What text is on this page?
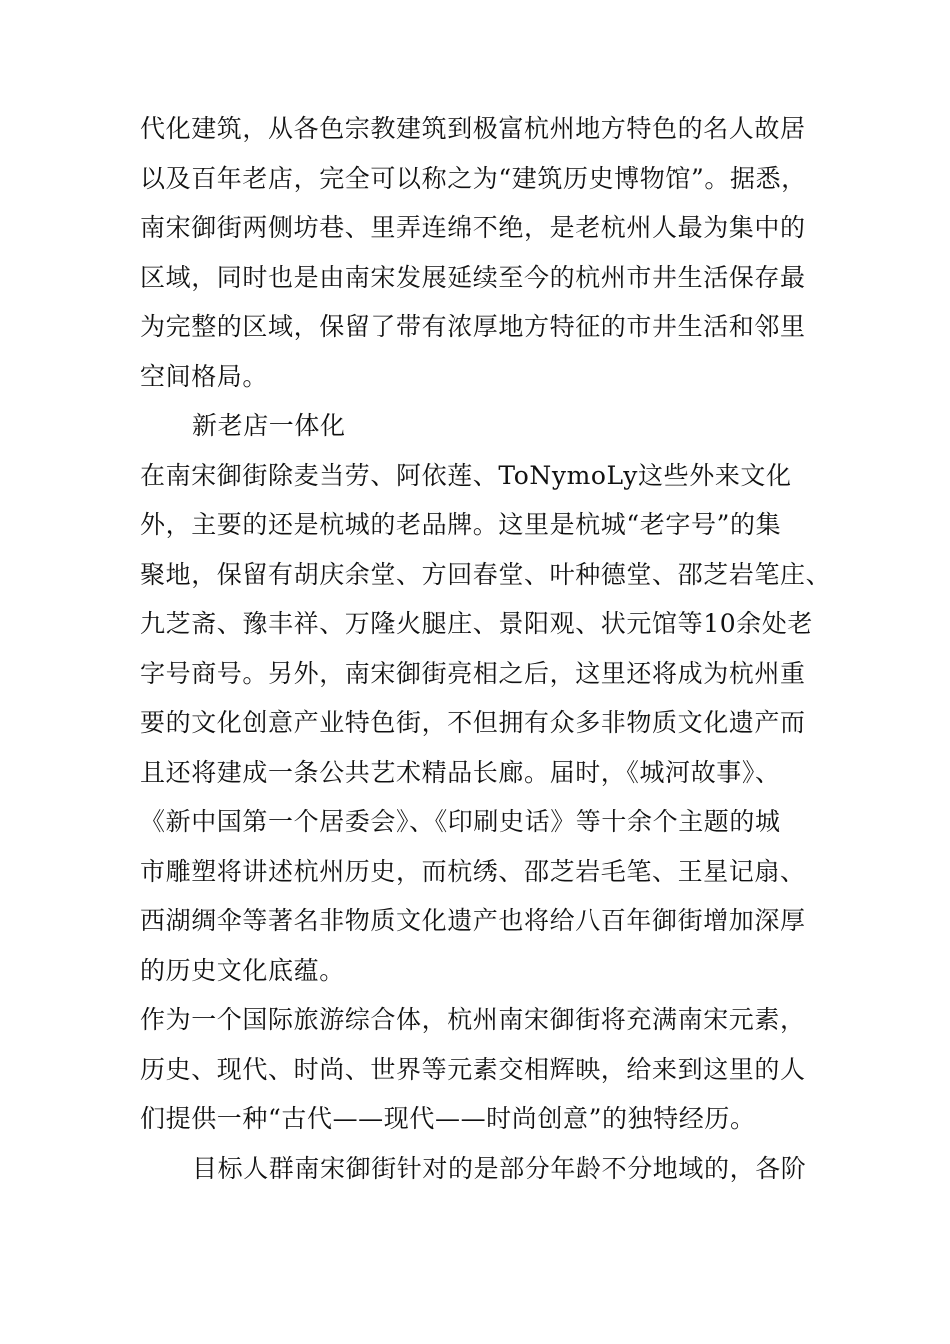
代化建筑，从各色宗教建筑到极富杭州地方特色的名人故居
以及百年老店，完全可以称之为“建筑历史博物馆”。据悉，
南宋御街两侧坊巷、里弄连绵不绝，是老杭州人最为集中的
区域，同时也是由南宋发展延续至今的杭州市井生活保存最
为完整的区域，保留了带有浓厚地方特征的市井生活和邻里
空间格局。
新老店一体化
在南宋御街除麦当劳、阿依莲、ToNymoLy这些外来文化
外，主要的还是杭城的老品牌。这里是杭城“老字号”的集
聚地，保留有胡庆余堂、方回春堂、叶种德堂、邵芝岩笔庄、
九芝斋、豫丰祥、万隆火腿庄、景阳观、状元馆等10余处老
字号商号。另外，南宋御街亮相之后，这里还将成为杭州重
要的文化创意产业特色街，不但拥有众多非物质文化遗产而
且还将建成一条公共艺术精品长廊。届时，《城河故事》、
《新中国第一个居委会》、《印刷史话》等十余个主题的城
市雕塑将讲述杭州历史，而杭绣、邵芝岩毛笔、王星记扇、
西湖绸伞等著名非物质文化遗产也将给八百年御街增加深厚
的历史文化底蕴。
作为一个国际旅游综合体，杭州南宋御街将充满南宋元素，
历史、现代、时尚、世界等元素交相辉映，给来到这里的人
们提供一种“古代——现代——时尚创意”的独特经历。
目标人群南宋御街针对的是部分年龄不分地域的，各阶
